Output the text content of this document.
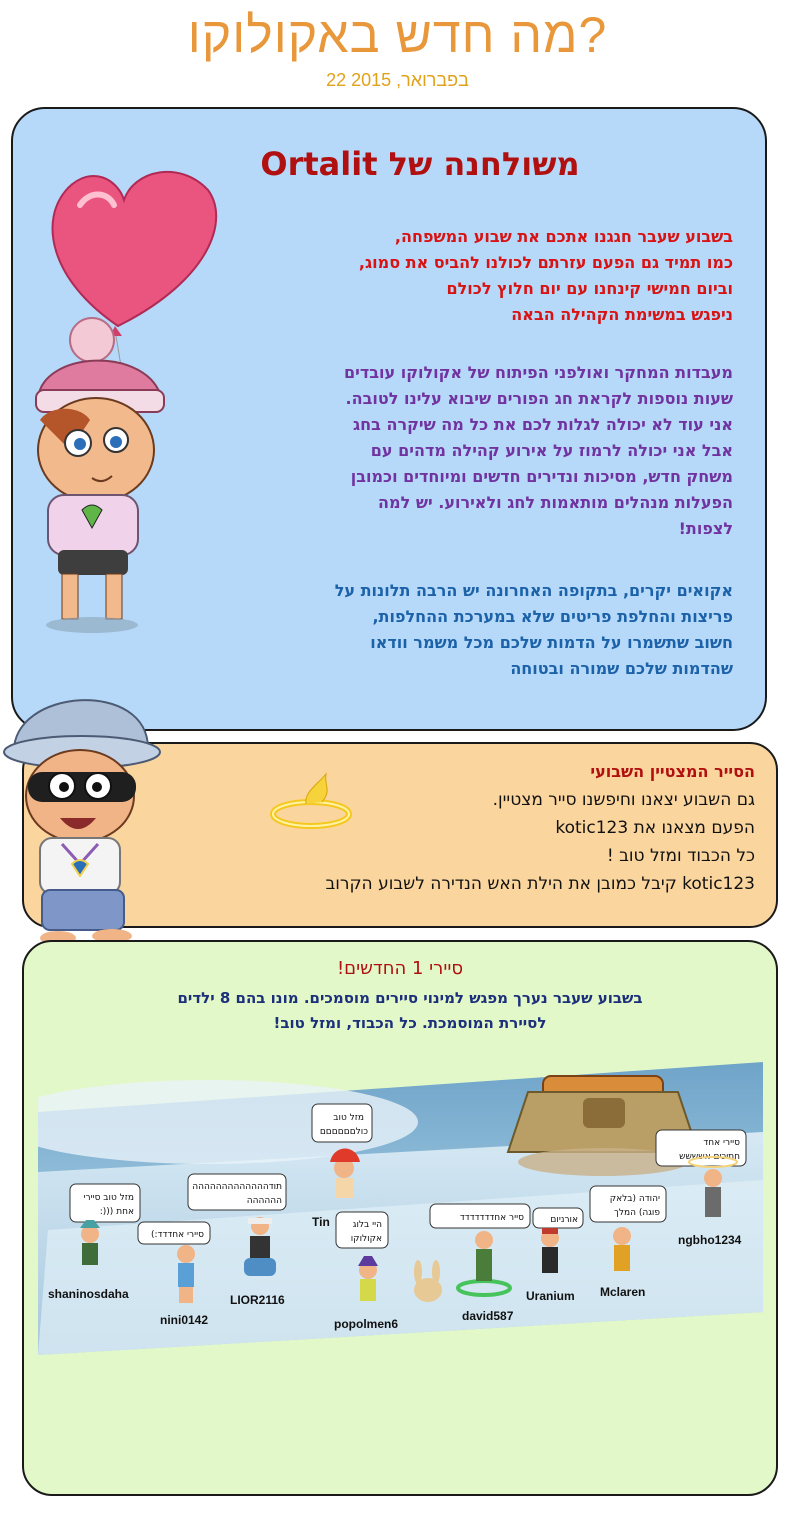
מה חדש באקולוקו?
22 בפברואר, 2015
משולחנה של Ortalit
בשבוע שעבר חגגנו אתכם את שבוע המשפחה,
כמו תמיד גם הפעם עזרתם לכולנו להביס את סמוג,
וביום חמישי קינחנו עם יום חלוץ לכולם
ניפגש במשימת הקהילה הבאה
מעבדות המחקר ואולפני הפיתוח של אקולוקו עובדים
שעות נוספות לקראת חג הפורים שיבוא עלינו לטובה.
אני עוד לא יכולה לגלות לכם את כל מה שיקרה בחג
אבל אני יכולה לרמוז על אירוע קהילה מדהים עם
משחק חדש, מסיכות ונדירים חדשים ומיוחדים וכמובן
הפעלות מנהלים מותאמות לחג ולאירוע. יש למה
לצפות!
אקואים יקרים, בתקופה האחרונה יש הרבה תלונות על
פריצות והחלפת פריטים שלא במערכת ההחלפות,
חשוב שתשמרו על הדמות שלכם מכל משמר וודאו
שהדמות שלכם שמורה ובטוחה
הסייר המצטיין השבועי
גם השבוע יצאנו וחיפשנו סייר מצטיין.
הפעם מצאנו את kotic123
כל הכבוד ומזל טוב !
kotic123 קיבל כמובן את הילת האש הנדירה לשבוע הקרוב
סיירי 1 החדשים!
בשבוע שעבר נערך מפגש למינוי סיירים מוסמכים. מונו בהם 8 ילדים
לסיירת המוסמכת. כל הכבוד, ומזל טוב!
מזל טוב סיירי
:))) אחת
(:סיירי אחדדד
תודההההההההההההה
הההההה
מזל טוב
כולםםםםםם
היי בלוג
אקולוקו
סייר אחדדדדדדד	אורניום
יהודה (בלאק
פוגה) המלך
סיירי אחד
חתיכים אשששש
shaninosdaha
nini0142
LIOR2116
Tin
popolmen6
david587
Uranium Mclaren
ngbho1234
